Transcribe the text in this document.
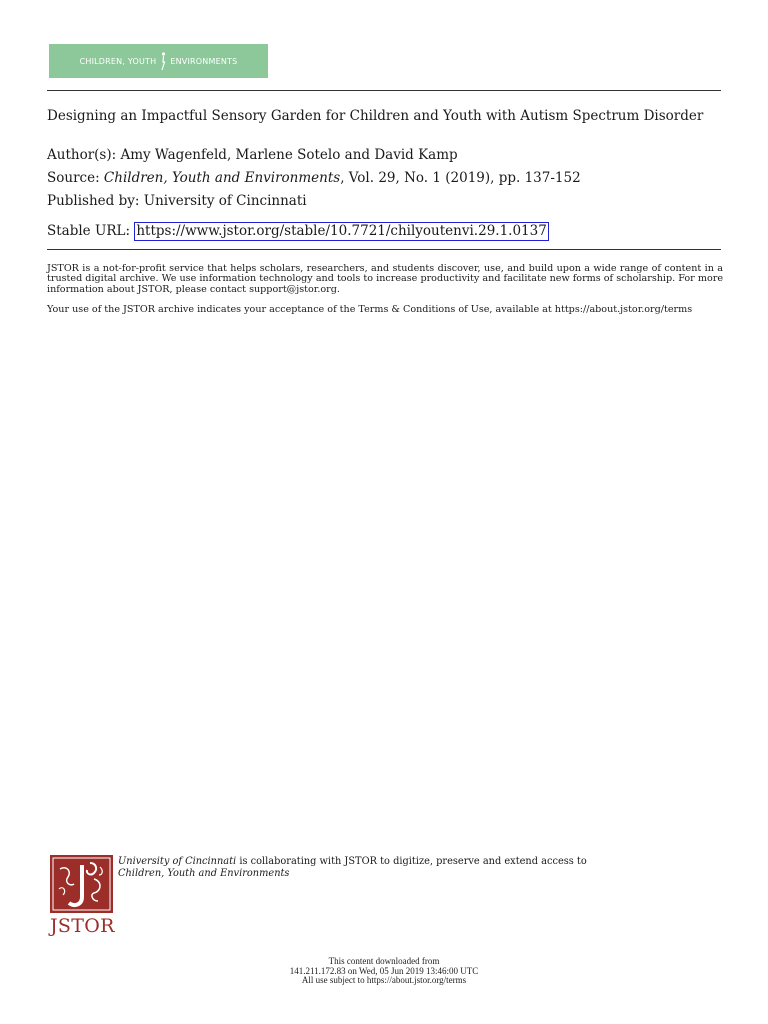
CHILDREN, YOUTH ENVIRONMENTS
Designing an Impactful Sensory Garden for Children and Youth with Autism Spectrum Disorder
Author(s): Amy Wagenfeld, Marlene Sotelo and David Kamp
Source: Children, Youth and Environments, Vol. 29, No. 1 (2019), pp. 137-152
Published by: University of Cincinnati
Stable URL: https://www.jstor.org/stable/10.7721/chilyoutenvi.29.1.0137
JSTOR is a not-for-profit service that helps scholars, researchers, and students discover, use, and build upon a wide range of content in a trusted digital archive. We use information technology and tools to increase productivity and facilitate new forms of scholarship. For more information about JSTOR, please contact support@jstor.org.
Your use of the JSTOR archive indicates your acceptance of the Terms & Conditions of Use, available at https://about.jstor.org/terms
JSTOR
University of Cincinnati is collaborating with JSTOR to digitize, preserve and extend access to
Children, Youth and Environments
This content downloaded from
141.211.172.83 on Wed, 05 Jun 2019 13:46:00 UTC
All use subject to https://about.jstor.org/terms
